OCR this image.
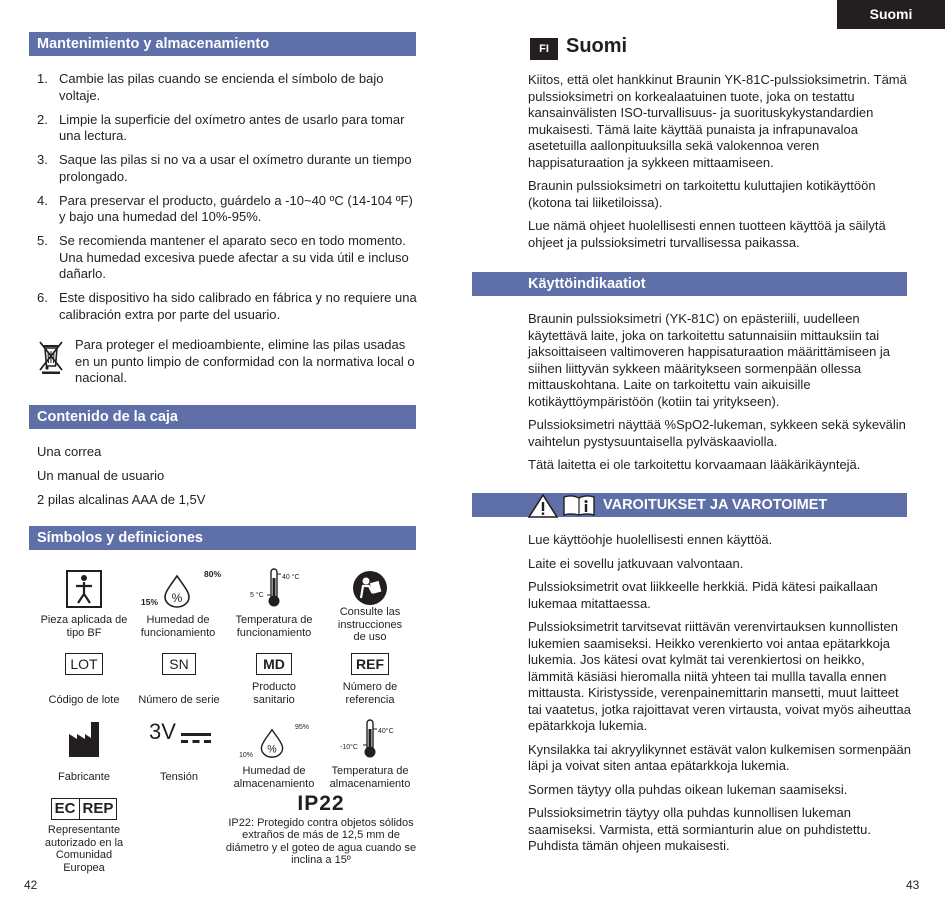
Mantenimiento y almacenamiento
1. Cambie las pilas cuando se encienda el símbolo de bajo voltaje.
2. Limpie la superficie del oxímetro antes de usarlo para tomar una lectura.
3. Saque las pilas si no va a usar el oxímetro durante un tiempo prolongado.
4. Para preservar el producto, guárdelo a -10~40 ºC (14-104 ºF) y bajo una humedad del 10%-95%.
5. Se recomienda mantener el aparato seco en todo momento. Una humedad excesiva puede afectar a su vida útil e incluso dañarlo.
6. Este dispositivo ha sido calibrado en fábrica y no requiere una calibración extra por parte del usuario.
Para proteger el medioambiente, elimine las pilas usadas en un punto limpio de conformidad con la normativa local o nacional.
Contenido de la caja
Una correa
Un manual de usuario
2 pilas alcalinas AAA de 1,5V
Símbolos y definiciones
Pieza aplicada de tipo BF
%
80%
15%
Humedad de funcionamiento
40 °C
5 °C
Temperatura de funcionamiento
Consulte las instrucciones de uso
LOT
Código de lote
SN
Número de serie
MD

Producto sanitario
REF

Número de referencia
Fabricante
3V
Tensión
%
95%
10%
Humedad de almacenamiento
40°C
-10°C
Temperatura de almacenamiento
EC REP

Representante autorizado en la Comunidad Europea
IP22
IP22: Protegido contra objetos sólidos extraños de más de 12,5 mm de diámetro y el goteo de agua cuando se inclina a 15º
42
Suomi
FI Suomi

Kiitos, että olet hankkinut Braunin YK-81C-pulssioksimetrin. Tämä pulssioksimetri on korkealaatuinen tuote, joka on testattu kansainvälisten ISO-turvallisuus- ja suorituskykystandardien mukaisesti. Tämä laite käyttää punaista ja infrapunavaloa asetetuilla aallonpituuksilla sekä valokennoa veren happisaturaation ja sykkeen mittaamiseen.

Braunin pulssioksimetri on tarkoitettu kuluttajien kotikäyttöön (kotona tai liiketiloissa).

Lue nämä ohjeet huolellisesti ennen tuotteen käyttöä ja säilytä ohjeet ja pulssioksimetri turvallisessa paikassa.

Käyttöindikaatiot

Braunin pulssioksimetri (YK-81C) on epästeriili, uudelleen käytettävä laite, joka on tarkoitettu satunnaisiin mittauksiin tai jaksoittaiseen valtimoveren happisaturaation määrittämiseen ja siihen liittyvän sykkeen määritykseen sormenpään ollessa mittauskohtana. Laite on tarkoitettu vain aikuisille kotikäyttöympäristöön (kotiin tai yritykseen).

Pulssioksimetri näyttää %SpO2-lukeman, sykkeen sekä sykevälin vaihtelun pystysuuntaisella pylväskaaviolla.

Tätä laitetta ei ole tarkoitettu korvaamaan lääkärikäyntejä.

VAROITUKSET JA VAROTOIMET

Lue käyttöohje huolellisesti ennen käyttöä.

Laite ei sovellu jatkuvaan valvontaan.

Pulssioksimetrit ovat liikkeelle herkkiä. Pidä kätesi paikallaan lukemaa mitattaessa.

Pulssioksimetrit tarvitsevat riittävän verenvirtauksen kunnollisten lukemien saamiseksi. Heikko verenkierto voi antaa epätarkkoja lukemia. Jos kätesi ovat kylmät tai verenkiertosi on heikko, lämmitä käsiäsi hieromalla niitä yhteen tai mullla tavalla ennen mittausta. Kiristysside, verenpainemittarin mansetti, muut laitteet tai vaatetus, jotka rajoittavat veren virtausta, voivat myös aiheuttaa epätarkkoja lukemia.

Kynsilakka tai akryylikynnet estävät valon kulkemisen sormenpään läpi ja voivat siten antaa epätarkkoja lukemia.

Sormen täytyy olla puhdas oikean lukeman saamiseksi.

Pulssioksimetrin täytyy olla puhdas kunnollisen lukeman saamiseksi. Varmista, että sormianturin alue on puhdistettu. Puhdista tämän ohjeen mukaisesti.

43
